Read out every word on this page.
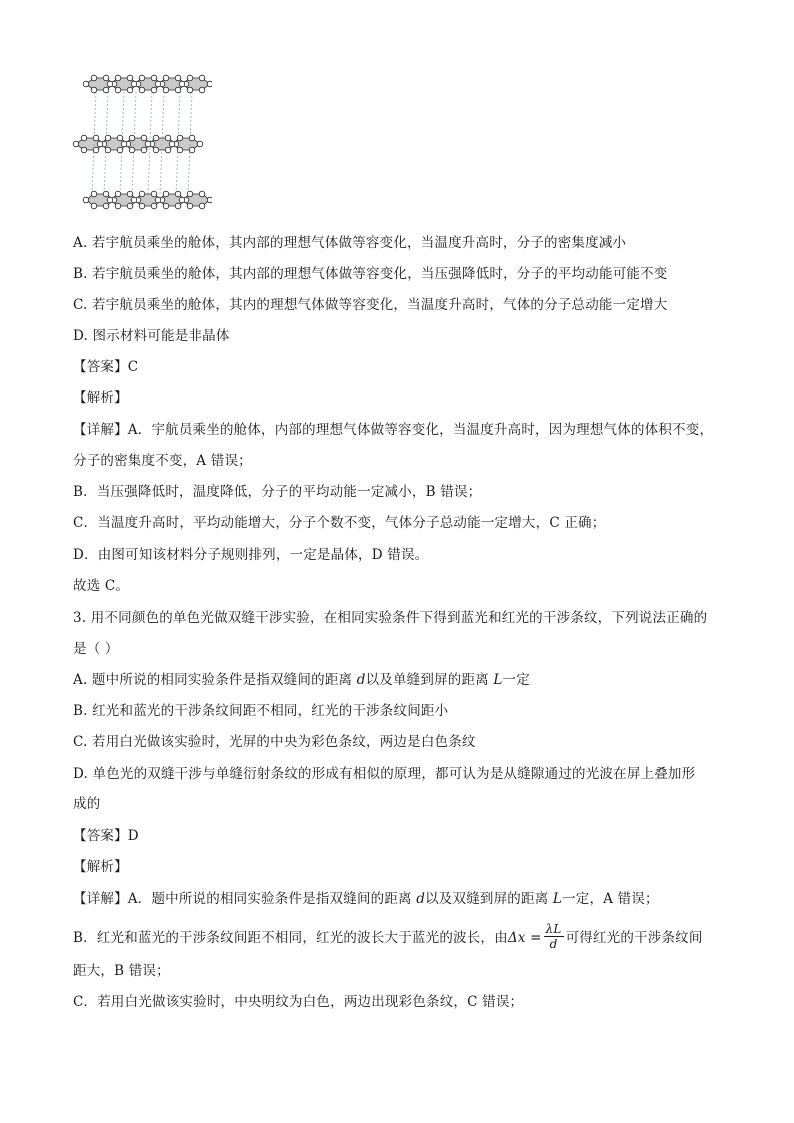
A. 若宇航员乘坐的舱体，其内部的理想气体做等容变化，当温度升高时，分子的密集度减小
B. 若宇航员乘坐的舱体，其内部的理想气体做等容变化，当压强降低时，分子的平均动能可能不变
C. 若宇航员乘坐的舱体，其内的理想气体做等容变化，当温度升高时，气体的分子总动能一定增大
D. 图示材料可能是非晶体
【答案】C
【解析】
【详解】A．宇航员乘坐的舱体，内部的理想气体做等容变化，当温度升高时，因为理想气体的体积不变，
分子的密集度不变，A 错误；
B．当压强降低时，温度降低，分子的平均动能一定减小，B 错误；
C．当温度升高时，平均动能增大，分子个数不变，气体分子总动能一定增大，C 正确；
D．由图可知该材料分子规则排列，一定是晶体，D 错误。
故选 C。
3. 用不同颜色的单色光做双缝干涉实验，在相同实验条件下得到蓝光和红光的干涉条纹，下列说法正确的
是（ ）
A. 题中所说的相同实验条件是指双缝间的距离 d以及单缝到屏的距离 L一定
B. 红光和蓝光的干涉条纹间距不相同，红光的干涉条纹间距小
C. 若用白光做该实验时，光屏的中央为彩色条纹，两边是白色条纹
D. 单色光的双缝干涉与单缝衍射条纹的形成有相似的原理，都可认为是从缝隙通过的光波在屏上叠加形
成的
【答案】D
【解析】
【详解】A．题中所说的相同实验条件是指双缝间的距离 d以及双缝到屏的距离 L一定，A 错误；
B．红光和蓝光的干涉条纹间距不相同，红光的波长大于蓝光的波长，由$\Delta x = \frac{\lambda L}{d}$ 可得红光的干涉条纹间
距大，B 错误；
C．若用白光做该实验时，中央明纹为白色，两边出现彩色条纹，C 错误；
